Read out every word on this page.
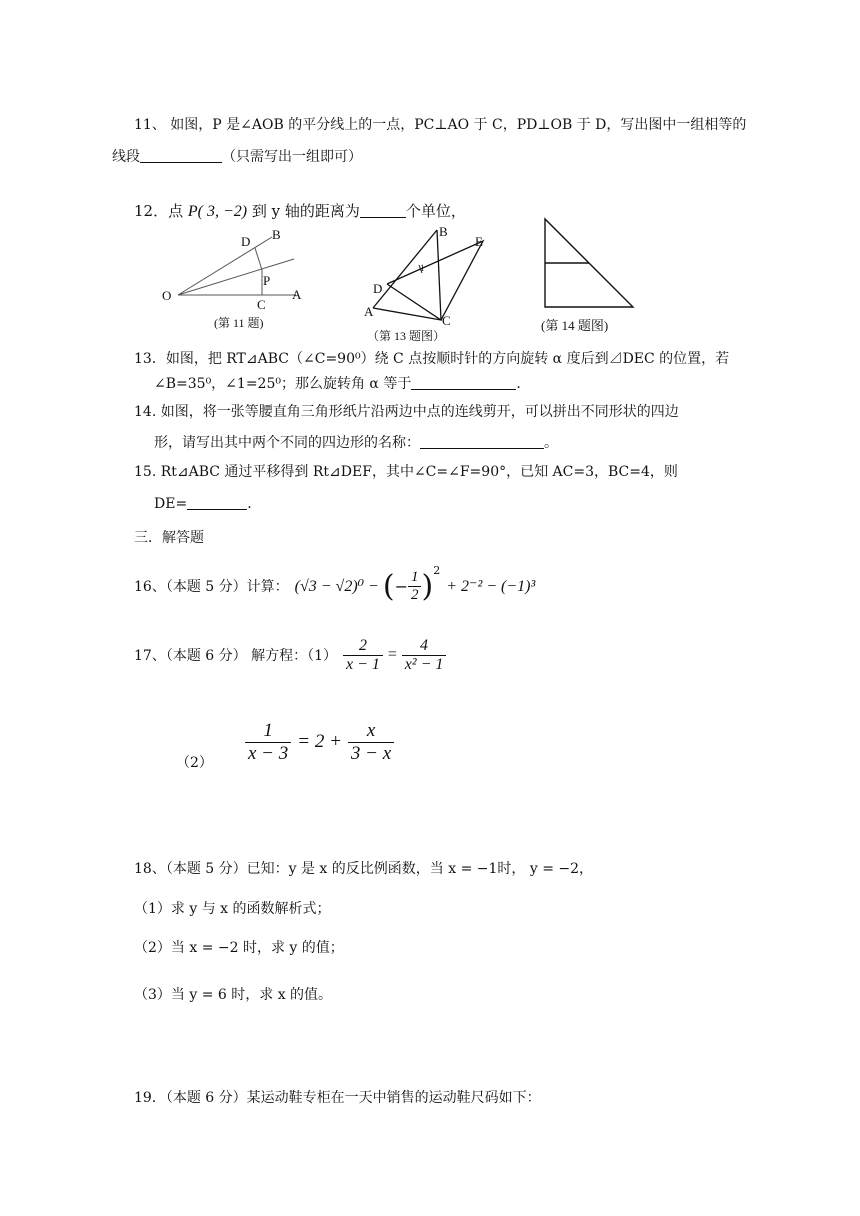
11、 如图，P 是∠AOB 的平分线上的一点，PC⊥AO 于 C，PD⊥OB 于 D，写出图中一组相等的
线段	（只需写出一组即可）
12．点 P( 3, −2) 到 y 轴的距离为	个单位，
D B
P
O
C
A
(第 11 题)
B
E
D
A
C
1
（第 13 题图）
(第 14 题图)
13．如图，把 RT⊿ABC（∠C=90⁰）绕 C 点按顺时针的方向旋转 α 度后到⊿DEC 的位置，若
∠B=35⁰，∠1=25⁰；那么旋转角 α 等于	.
14. 如图，将一张等腰直角三角形纸片沿两边中点的连线剪开，可以拼出不同形状的四边
形，请写出其中两个不同的四边形的名称：	。
15. Rt⊿ABC 通过平移得到 Rt⊿DEF，其中∠C=∠F=90°，已知 AC=3，BC=4，则
DE=	.
三．解答题
16、（本题 5 分）计算： (√3 − √2)⁰ − ( − $\frac{1}{2}$ ) 2
+ 2⁻² − (−1)³
17、（本题 6 分） 解方程：$(1) \frac{2}{x - 1} = \frac{4}{\text{x² − 1}}$
$(2) \frac{1}{x - 3} = 2 + \frac{x}{3 - x}$
18、（本题 5 分）已知：y 是 x 的反比例函数，当 x = −1时， y = −2，
（1）求 y 与 x 的函数解析式；
（2）当 x = −2 时，求 y 的值；
（3）当 y = 6 时，求 x 的值。
19．（本题 6 分）某运动鞋专柜在一天中销售的运动鞋尺码如下：
